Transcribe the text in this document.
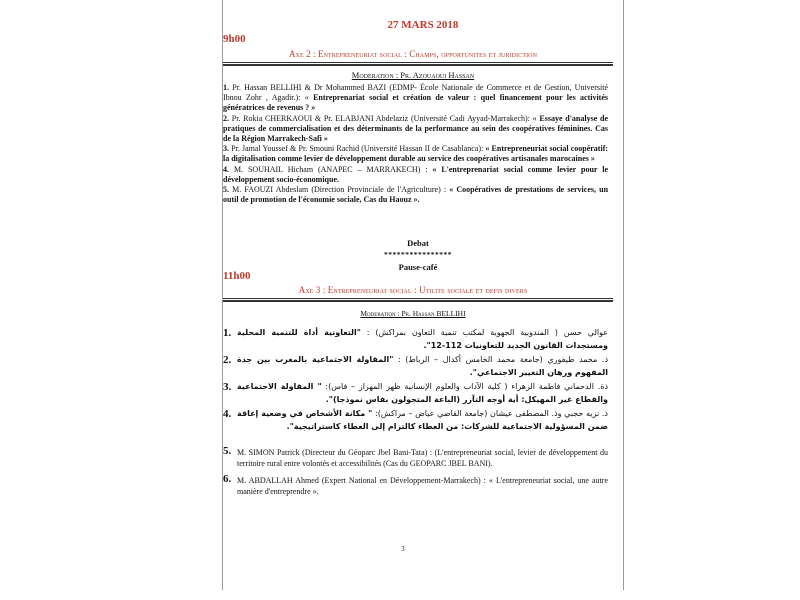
27 MARS 2018
9h00
Axe 2 : Entrepreneuriat social : Champs, opportunites et juridiction
Moderation : Pr. Azouaoui Hassan

1. Pr. Hassan BELLIHI & Dr Mohammed BAZI (EDMP- École Nationale de Commerce et de Gestion, Université Ibnou Zohr , Agadir.): « Entreprenariat social et création de valeur : quel financement pour les activités génératrices de revenus ? »

2. Pr. Rokia CHERKAOUI & Pr. ELABJANI Abdelaziz (Université Cadi Ayyad-Marrakech): « Essaye d'analyse de pratiques de commercialisation et des déterminants de la performance au sein des coopératives féminines. Cas de la Région Marrakech-Safi »

3. Pr. Jamal Youssef & Pr. Smouni Rachid (Université Hassan II de Casablanca): « Entrepreneuriat social coopératif: la digitalisation comme levier de développement durable au service des coopératives artisanales marocaines »

4. M. SOUHAIL Hicham (ANAPEC – MARRAKECH) : « L'entreprenariat social comme levier pour le développement socio-économique.

5. M. FAOUZI Abdeslam (Direction Provinciale de l'Agriculture) : « Coopératives de prestations de services, un outil de promotion de l'économie sociale, Cas du Haouz ».

Debat
****************
Pause-café
11h00
Axe 3 : Entrepreneuriat social : Utilite sociale et defis divers
Moderation : Pr. Hassan BELLIHI

1.	عوالي حسن ( المندوبية الجهوية لمكتب تنمية التعاون بمراكش) : "التعاونية أداة للتنمية المحلية ومستجدات القانون الجديد للتعاونيات 112-12".

2.	ذ. محمد طيفوري (جامعة محمد الخامس أكدال – الرباط) : "المقاولة الاجتماعية بالمغرب بين جدة المفهوم ورهان التغيير الاجتماعي".

3.	ذة. الدحماني فاطمة الزهراء ( كلية الآداب والعلوم الإنسانية ظهر المهراز – فاس): " المقاولة الاجتماعية والقطاع غير المهيكل: أية أوجه التآزر (الباعة المتجولون بفاس نموذجا)".

4.	ذ. نزيه حجبي وذ. المصطفى عيشان (جامعة القاضي عياض – مراكش): " مكانة الأشخاص في وضعية إعاقة ضمن المسؤولية الاجتماعية للشركات: من العطاء كالتزام إلى العطاء كاستراتيجية".

5. M. SIMON Patrick (Directeur du Géoparc Jbel Bani-Tata) : (L'entrepreneuriat social, levier de développement du territoire rural entre volontés et accessibilités (Cas du GEOPARC JBEL BANI).

6. M. ABDALLAH Ahmed (Expert National en Développement-Marrakech) : « L'entrepreneuriat social, une autre manière d'entreprendre ».

3
